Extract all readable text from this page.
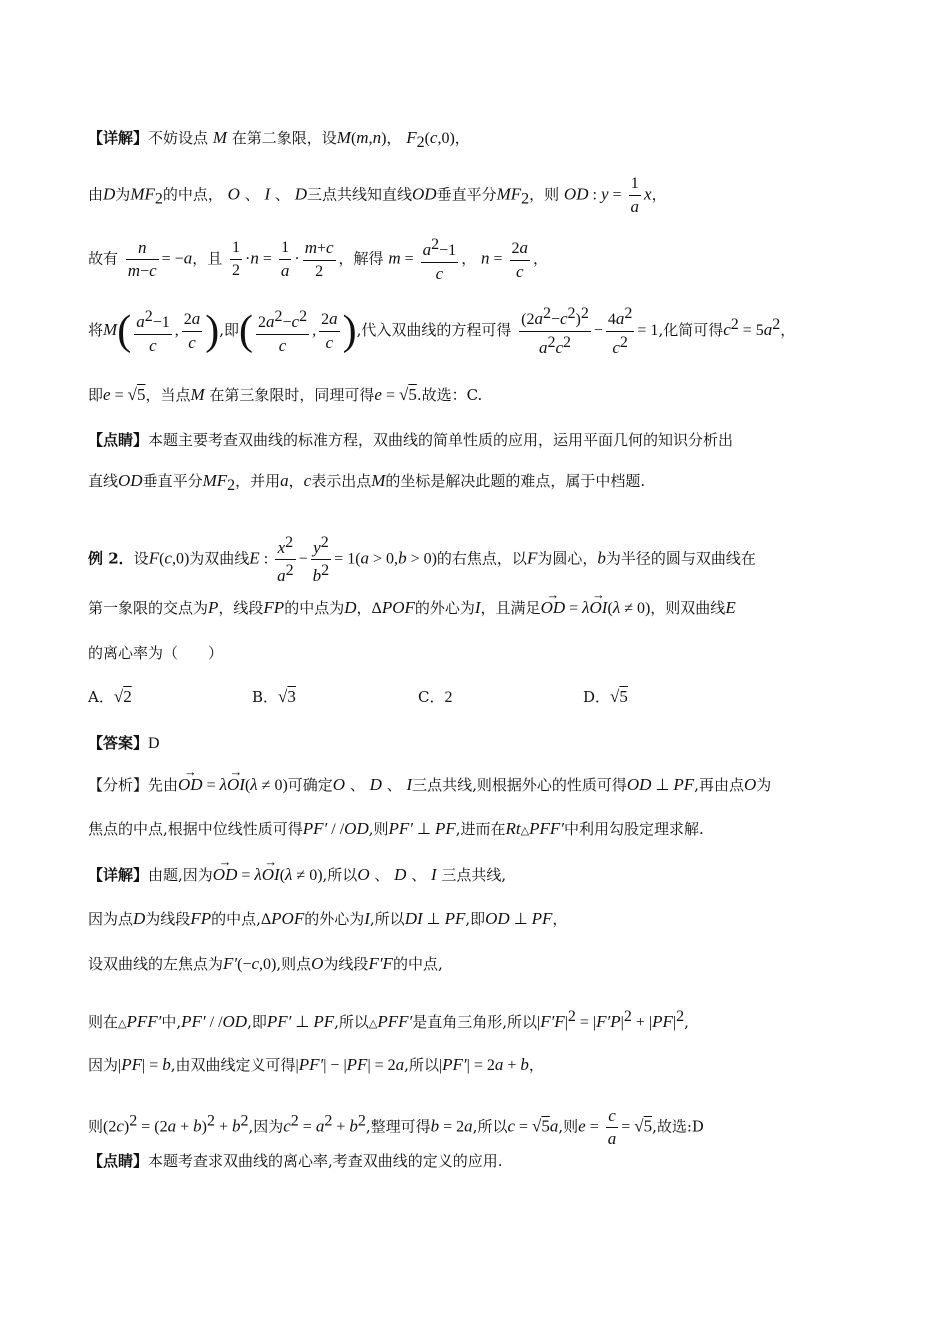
【详解】不妨设点 M 在第二象限，设M(m,n)， $F_2(c,0)$，
由D为$MF_2$的中点， O 、 I 、 D三点共线知直线OD垂直平分$MF_2$，则 OD : $y = \frac{1}{a}$ x，
故有 $\frac{n}{m-c} = -a$，且 $\frac{1}{2} \cdot n = \frac{1}{a} \cdot \frac{m+c}{2}$ ，解得 $m = \frac{a^2-1}{c}$ ， $n = \frac{2a}{c}$ ，
将$M( \frac{a^2-1}{c}$ , $\frac{2a}{c}$ ),即( $\frac{2a^2-c^2}{c}$ , $\frac{2a}{c}$ ),代入双曲线的方程可得 $\frac{(2a^2-c^2)^2}{a^2c^2} - \frac{4a^2}{c^2} = 1$,化简可得$c^2 = 5a^2$，
即e = √5，当点M 在第三象限时，同理可得e = √5.故选：C.
【点睛】本题主要考查双曲线的标准方程，双曲线的简单性质的应用，运用平面几何的知识分析出
直线OD垂直平分$MF_2$，并用a，c表示出点M的坐标是解决此题的难点，属于中档题.
例 2．设F(c,0)为双曲线E : $\frac{x^2}{a^2} - \frac{y^2}{b^2} = 1(a > 0,b > 0)$的右焦点，以F为圆心，b为半径的圆与双曲线在
第一象限的交点为P，线段FP的中点为D，ΔPOF的外心为I，且满足→ OD = λ→ OI(λ ≠ 0)，则双曲线E
的离心率为（　　）
A．√2	B．√3	C．2	D．√5
【答案】D
【分析】先由→ OD = λ→ OI(λ ≠ 0)可确定O 、 D 、 I三点共线,则根据外心的性质可得OD ⊥ PF,再由点O为
焦点的中点,根据中位线性质可得PF′ / /OD,则PF′ ⊥ PF,进而在Rt△PFF′中利用勾股定理求解.
【详解】由题,因为→ OD = λ→ OI(λ ≠ 0),所以O 、 D 、 I 三点共线,
因为点D为线段FP的中点,ΔPOF的外心为I,所以DI ⊥ PF,即OD ⊥ PF，
设双曲线的左焦点为F′(−c,0),则点O为线段F′F的中点,
则在△PFF′中,PF′ / /OD,即PF′ ⊥ PF,所以△PFF′是直角三角形,所以$|F'F|^2 = |F'P|^2 + |PF|^2$,
因为|PF| = b,由双曲线定义可得|PF′| − |PF| = 2a,所以|PF′| = 2a + b，
则$(2c)^2 = (2a + b)^2 + b^2$,因为$c^2 = a^2 + b^2$,整理可得b = 2a,所以c = √5a,则$e = \frac{c}{a} = √5$,故选:D
【点睛】本题考查求双曲线的离心率,考查双曲线的定义的应用.
